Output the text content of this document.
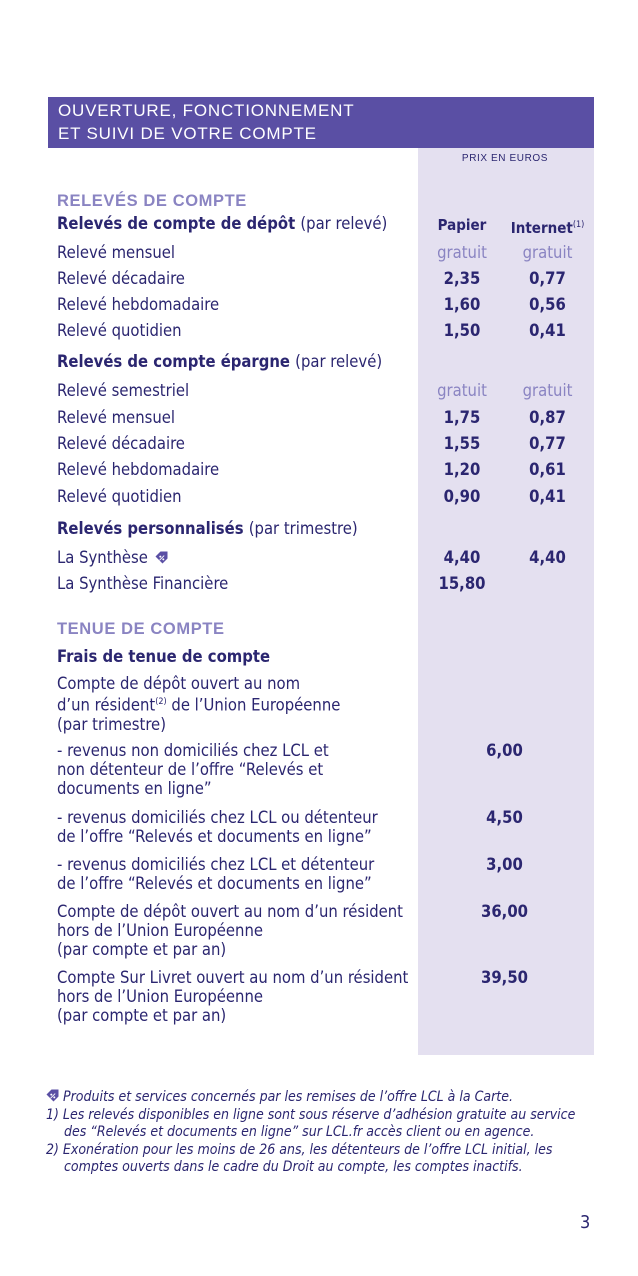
OUVERTURE, FONCTIONNEMENT
ET SUIVI DE VOTRE COMPTE
PRIX EN EUROS
RELEVÉS DE COMPTE
Relevés de compte de dépôt (par relevé)	Papier	Internet$^{(1)}$
Relevé mensuel	gratuit	gratuit
Relevé décadaire	2,35	0,77
Relevé hebdomadaire	1,60	0,56
Relevé quotidien	1,50	0,41
Relevés de compte épargne (par relevé)
Relevé semestriel	gratuit	gratuit
Relevé mensuel	1,75	0,87
Relevé décadaire	1,55	0,77
Relevé hebdomadaire	1,20	0,61
Relevé quotidien	0,90	0,41
Relevés personnalisés (par trimestre)
La Synthèse	4,40	4,40
La Synthèse Financière	15,80
TENUE DE COMPTE
Frais de tenue de compte
Compte de dépôt ouvert au nom
d’un résident$^{(2)}$ de l’Union Européenne
(par trimestre)
- revenus non domiciliés chez LCL et
non détenteur de l’offre “Relevés et
documents en ligne”
6,00
- revenus domiciliés chez LCL ou détenteur
de l’offre “Relevés et documents en ligne”
4,50
- revenus domiciliés chez LCL et détenteur
de l’offre “Relevés et documents en ligne”
3,00
Compte de dépôt ouvert au nom d’un résident
hors de l’Union Européenne
(par compte et par an)
36,00
Compte Sur Livret ouvert au nom d’un résident
hors de l’Union Européenne
(par compte et par an)
39,50
Produits et services concernés par les remises de l’offre LCL à la Carte.
1) Les relevés disponibles en ligne sont sous réserve d’adhésion gratuite au service
des “Relevés et documents en ligne” sur LCL.fr accès client ou en agence.
2) Exonération pour les moins de 26 ans, les détenteurs de l’offre LCL initial, les
comptes ouverts dans le cadre du Droit au compte, les comptes inactifs.
3
